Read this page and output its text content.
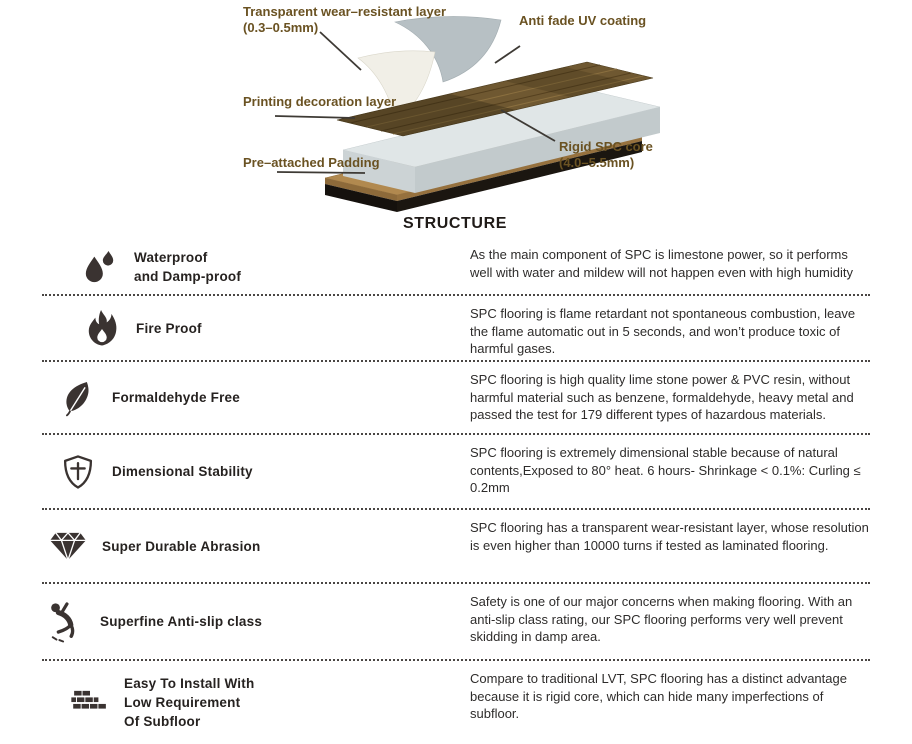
Transparent wear–resistant layer
(0.3–0.5mm)	Anti fade UV coating
Printing decoration layer
Pre–attached Padding
Rigid SPC core
(4.0–5.5mm)
STRUCTURE
Waterproof
and Damp-proof
As the main component of SPC is limestone power, so it performs well with water and mildew will not happen even with high humidity
Fire Proof
SPC flooring is flame retardant not spontaneous combustion, leave the flame automatic out in 5 seconds, and won’t produce toxic of harmful gases.
Formaldehyde Free
SPC flooring is high quality lime stone power & PVC resin, without harmful material such as benzene, formaldehyde, heavy metal and passed the test for 179 different types of hazardous materials.
Dimensional Stability
SPC flooring is extremely dimensional stable because of natural contents,Exposed to 80° heat. 6 hours- Shrinkage < 0.1%: Curling ≤ 0.2mm
Super Durable Abrasion
SPC flooring has a transparent wear-resistant layer, whose resolution is even higher than 10000 turns if tested as laminated flooring.
Superfine Anti-slip class
Safety is one of our major concerns when making flooring. With an anti-slip class rating, our SPC flooring performs very well prevent skidding in damp area.
Easy To Install With
Low Requirement
Of Subfloor
Compare to traditional LVT, SPC flooring has a distinct advantage because it is rigid core, which can hide many imperfections of subfloor.
